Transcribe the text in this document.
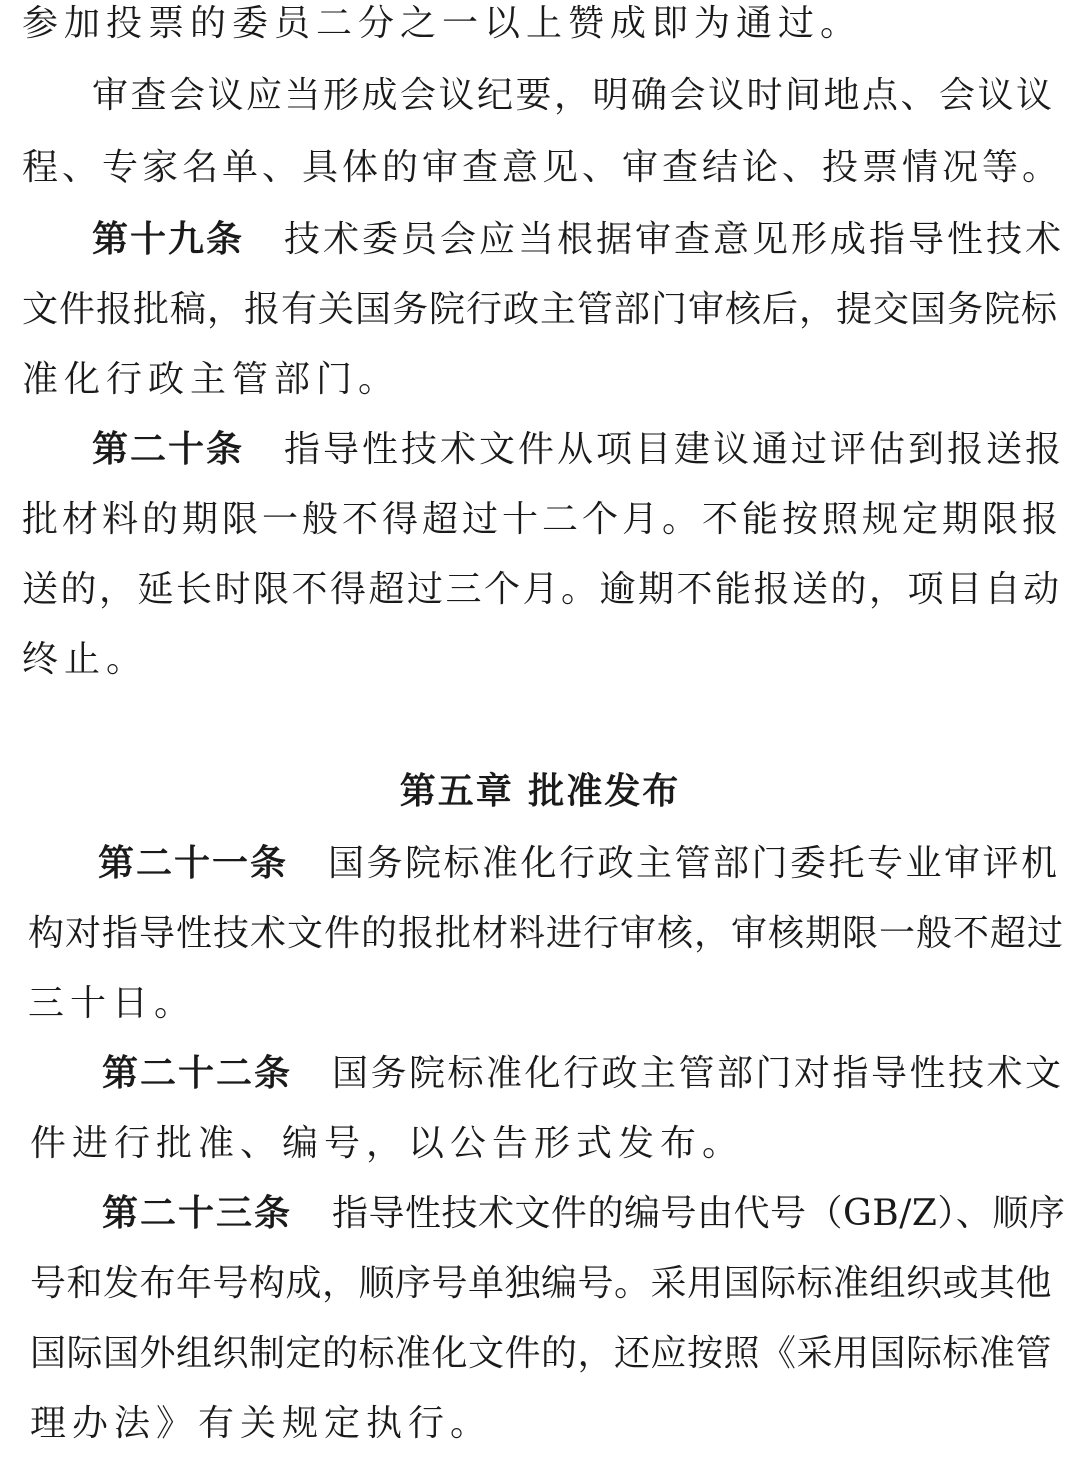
参加投票的委员二分之一以上赞成即为通过。
审查会议应当形成会议纪要，明确会议时间地点、会议议
程、专家名单、具体的审查意见、审查结论、投票情况等。
第十九条 技术委员会应当根据审查意见形成指导性技术
文件报批稿，报有关国务院行政主管部门审核后，提交国务院标
准化行政主管部门。
第二十条 指导性技术文件从项目建议通过评估到报送报
批材料的期限一般不得超过十二个月。不能按照规定期限报
送的，延长时限不得超过三个月。逾期不能报送的，项目自动
终止。
第五章 批准发布
第二十一条 国务院标准化行政主管部门委托专业审评机
构对指导性技术文件的报批材料进行审核，审核期限一般不超过
三十日。
第二十二条 国务院标准化行政主管部门对指导性技术文
件进行批准、编号，以公告形式发布。
第二十三条 指导性技术文件的编号由代号（GB/Z）、顺序
号和发布年号构成，顺序号单独编号。采用国际标准组织或其他
国际国外组织制定的标准化文件的，还应按照《采用国际标准管
理办法》有关规定执行。
